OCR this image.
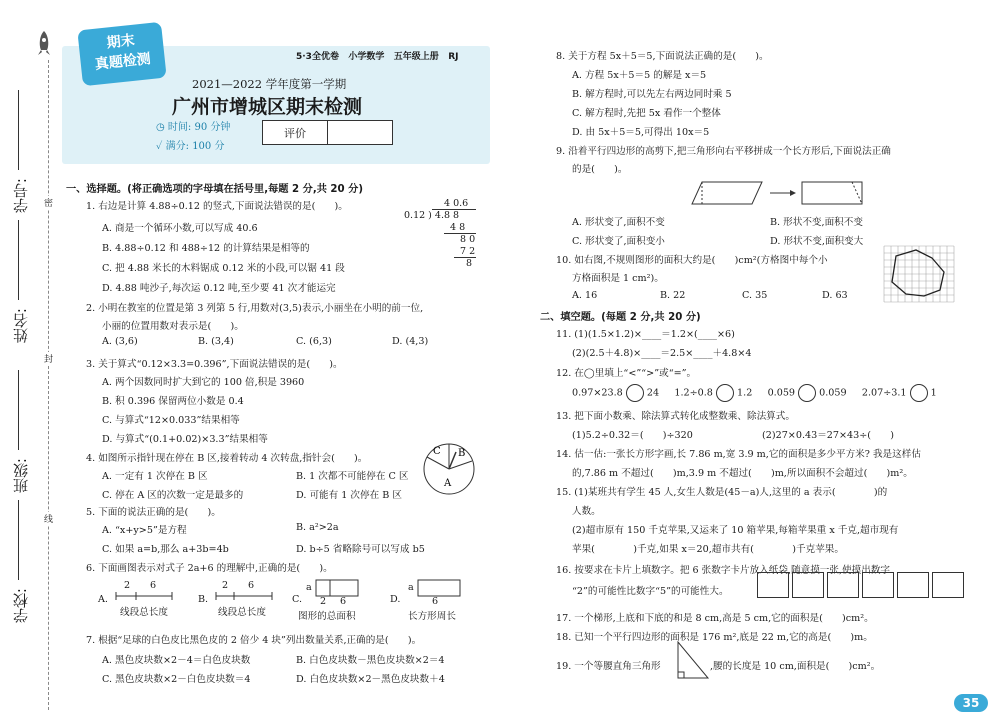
学号:
姓名:
班级:
学校:
密
封
线
期末
真题检测	5·3全优卷 小学数学 五年级上册 RJ
2021—2022 学年度第一学期
广州市增城区期末检测
◷ 时间: 90 分钟
✓ 满分: 100 分
评价	
一、选择题。(将正确选项的字母填在括号里,每题 2 分,共 20 分)
1. 右边是计算 4.88÷0.12 的竖式,下面说法错误的是(　　)。
A. 商是一个循环小数,可以写成 40.6̇
B. 4.88÷0.12 和 488÷12 的计算结果是相等的
C. 把 4.88 米长的木料锯成 0.12 米的小段,可以锯 41 段
D. 4.88 吨沙子,每次运 0.12 吨,至少要 41 次才能运完
4 0.6
0.12 ) 4.8 8
4 8
8 0
7 2
8
2. 小明在教室的位置是第 3 列第 5 行,用数对(3,5)表示,小丽坐在小明的前一位,
小丽的位置用数对表示是(　　)。
A. (3,6)	B. (3,4)	C. (6,3)	D. (4,3)
3. 关于算式“0.12×3.3=0.396”,下面说法错误的是(　　)。
A. 两个因数同时扩大到它的 100 倍,积是 3960
B. 积 0.396 保留两位小数是 0.4
C. 与算式“12×0.033”结果相等
D. 与算式“(0.1+0.02)×3.3”结果相等
4. 如图所示指针现在停在 B 区,接着转动 4 次转盘,指针会(　　)。
A. 一定有 1 次停在 B 区	B. 1 次都不可能停在 C 区
C. 停在 A 区的次数一定是最多的	D. 可能有 1 次停在 B 区
C B
A
5. 下面的说法正确的是(　　)。
A. “x+y>5”是方程	B. a²>2a
C. 如果 a=b,那么 a+3b=4b	D. b÷5 省略除号可以写成 b5
6. 下面画图表示对式子 2a+6 的理解中,正确的是(　　)。
A.
2 6
线段总长度
B.
2 6
线段总长度
C.
a
2 6
图形的总面积
D.
a
6
长方形周长
7. 根据“足球的白色皮比黑色皮的 2 倍少 4 块”列出数量关系,正确的是(　　)。
A. 黑色皮块数×2－4＝白色皮块数	B. 白色皮块数－黑色皮块数×2＝4
C. 黑色皮块数×2－白色皮块数＝4	D. 白色皮块数×2－黑色皮块数＋4
8. 关于方程 5x＋5＝5,下面说法正确的是(　　)。
A. 方程 5x＋5＝5 的解是 x＝5
B. 解方程时,可以先左右两边同时乘 5
C. 解方程时,先把 5x 看作一个整体
D. 由 5x＋5＝5,可得出 10x＝5
9. 沿着平行四边形的高剪下,把三角形向右平移拼成一个长方形后,下面说法正确
的是(　　)。
A. 形状变了,面积不变	B. 形状不变,面积不变
C. 形状变了,面积变小	D. 形状不变,面积变大
10. 如右图,不规则图形的面积大约是(　　)cm²(方格图中每个小
方格面积是 1 cm²)。
A. 16	B. 22	C. 35	D. 63
二、填空题。(每题 2 分,共 20 分)
11. (1)(1.5×1.2)×____＝1.2×(____×6)
(2)(2.5＋4.8)×____＝2.5×____＋4.8×4
12. 在◯里填上“<”“>”或“=”。
0.97×23.8	24 1.2÷0.8	1.2 0.05̇9	0.05̇9 2.07÷3.1	1
13. 把下面小数乘、除法算式转化成整数乘、除法算式。
(1)5.2÷0.32＝(　　)÷320	(2)27×0.43＝27×43÷(　　)
14. 估一估:一张长方形字画,长 7.86 m,宽 3.9 m,它的面积是多少平方米? 我是这样估
的,7.86 m 不超过(　　)m,3.9 m 不超过(　　)m,所以面积不会超过(　　)m²。
15. (1)某班共有学生 45 人,女生人数是(45－a)人,这里的 a 表示(　　　　)的
人数。
(2)超市原有 150 千克苹果,又运来了 10 箱苹果,每箱苹果重 x 千克,超市现有
苹果(　　　　)千克,如果 x＝20,超市共有(　　　　)千克苹果。
16. 按要求在卡片上填数字。把 6 张数字卡片放入纸袋,随意摸一张,使摸出数字
“2”的可能性比数字“5”的可能性大。
17. 一个梯形,上底和下底的和是 8 cm,高是 5 cm,它的面积是(　　)cm²。
18. 已知一个平行四边形的面积是 176 m²,底是 22 m,它的高是(　　)m。
19. 一个等腰直角三角形	,腰的长度是 10 cm,面积是(　　)cm²。
35
